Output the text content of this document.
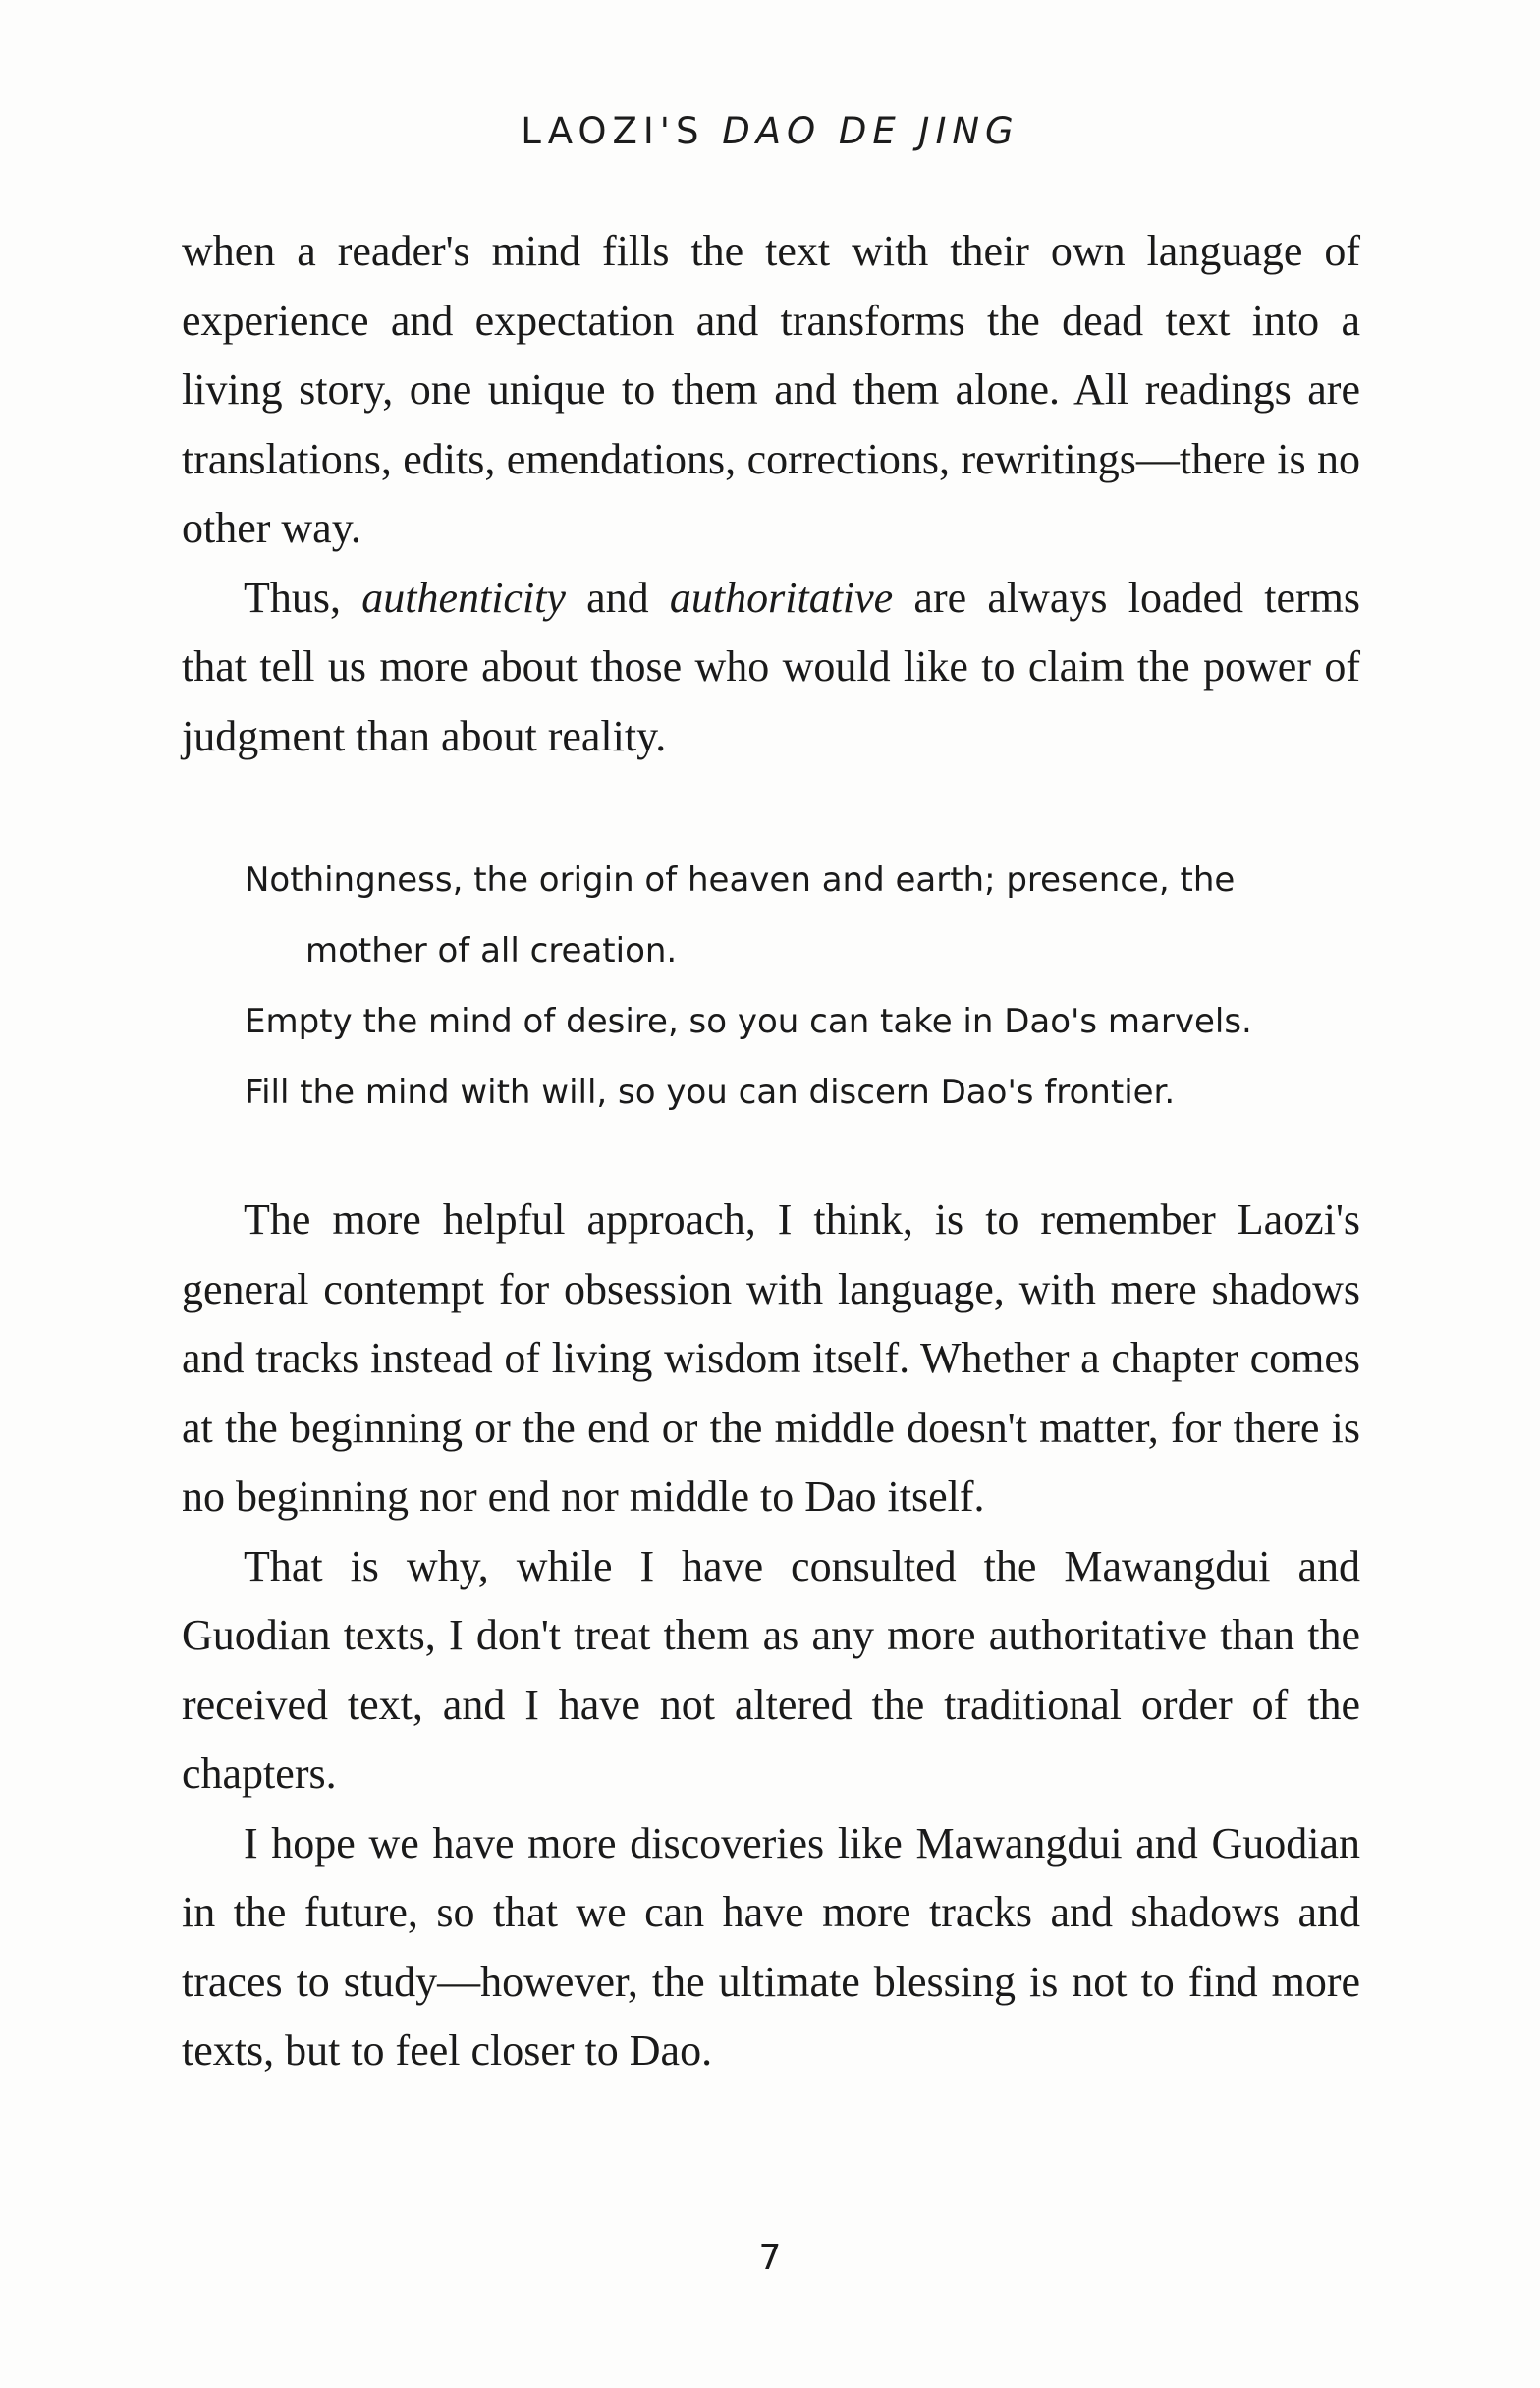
LAOZI'S DAO DE JING

when a reader's mind fills the text with their own language of experience and expectation and transforms the dead text into a living story, one unique to them and them alone. All readings are translations, edits, emendations, corrections, rewritings—there is no other way.

Thus, authenticity and authoritative are always loaded terms that tell us more about those who would like to claim the power of judgment than about reality.

Nothingness, the origin of heaven and earth; presence, the
mother of all creation.
Empty the mind of desire, so you can take in Dao's marvels.
Fill the mind with will, so you can discern Dao's frontier.

The more helpful approach, I think, is to remember Laozi's general contempt for obsession with language, with mere shadows and tracks instead of living wisdom itself. Whether a chapter comes at the beginning or the end or the middle doesn't matter, for there is no beginning nor end nor middle to Dao itself.

That is why, while I have consulted the Mawangdui and Guodian texts, I don't treat them as any more authoritative than the received text, and I have not altered the traditional order of the chapters.

I hope we have more discoveries like Mawangdui and Guodian in the future, so that we can have more tracks and shadows and traces to study—however, the ultimate blessing is not to find more texts, but to feel closer to Dao.

7
